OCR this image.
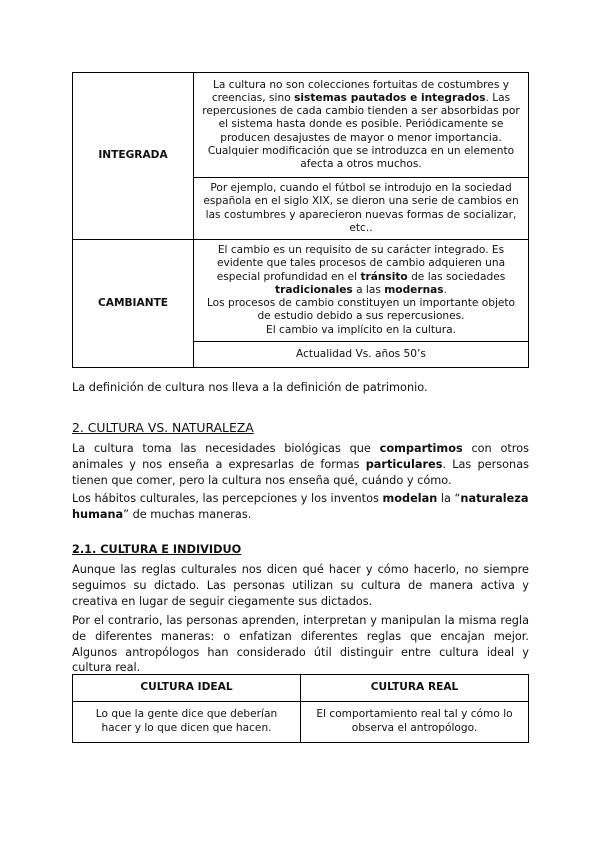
INTEGRADA	La cultura no son colecciones fortuitas de costumbres y creencias, sino sistemas pautados e integrados. Las repercusiones de cada cambio tienden a ser absorbidas por el sistema hasta donde es posible. Periódicamente se producen desajustes de mayor o menor importancia. Cualquier modificación que se introduzca en un elemento afecta a otros muchos.
	Por ejemplo, cuando el fútbol se introdujo en la sociedad española en el siglo XIX, se dieron una serie de cambios en las costumbres y aparecieron nuevas formas de socializar, etc..
CAMBIANTE	El cambio es un requisito de su carácter integrado. Es evidente que tales procesos de cambio adquieren una especial profundidad en el tránsito de las sociedades tradicionales a las modernas.
Los procesos de cambio constituyen un importante objeto de estudio debido a sus repercusiones.
El cambio va implícito en la cultura.
	Actualidad Vs. años 50’s

La definición de cultura nos lleva a la definición de patrimonio.

2. CULTURA VS. NATURALEZA

La cultura toma las necesidades biológicas que compartimos con otros animales y nos enseña a expresarlas de formas particulares. Las personas tienen que comer, pero la cultura nos enseña qué, cuándo y cómo.

Los hábitos culturales, las percepciones y los inventos modelan la “naturaleza humana” de muchas maneras.

2.1. CULTURA E INDIVIDUO

Aunque las reglas culturales nos dicen qué hacer y cómo hacerlo, no siempre seguimos su dictado. Las personas utilizan su cultura de manera activa y creativa en lugar de seguir ciegamente sus dictados.

Por el contrario, las personas aprenden, interpretan y manipulan la misma regla de diferentes maneras: o enfatizan diferentes reglas que encajan mejor. Algunos antropólogos han considerado útil distinguir entre cultura ideal y cultura real.

CULTURA IDEAL	CULTURA REAL
Lo que la gente dice que deberían hacer y lo que dicen que hacen.	El comportamiento real tal y cómo lo observa el antropólogo.
